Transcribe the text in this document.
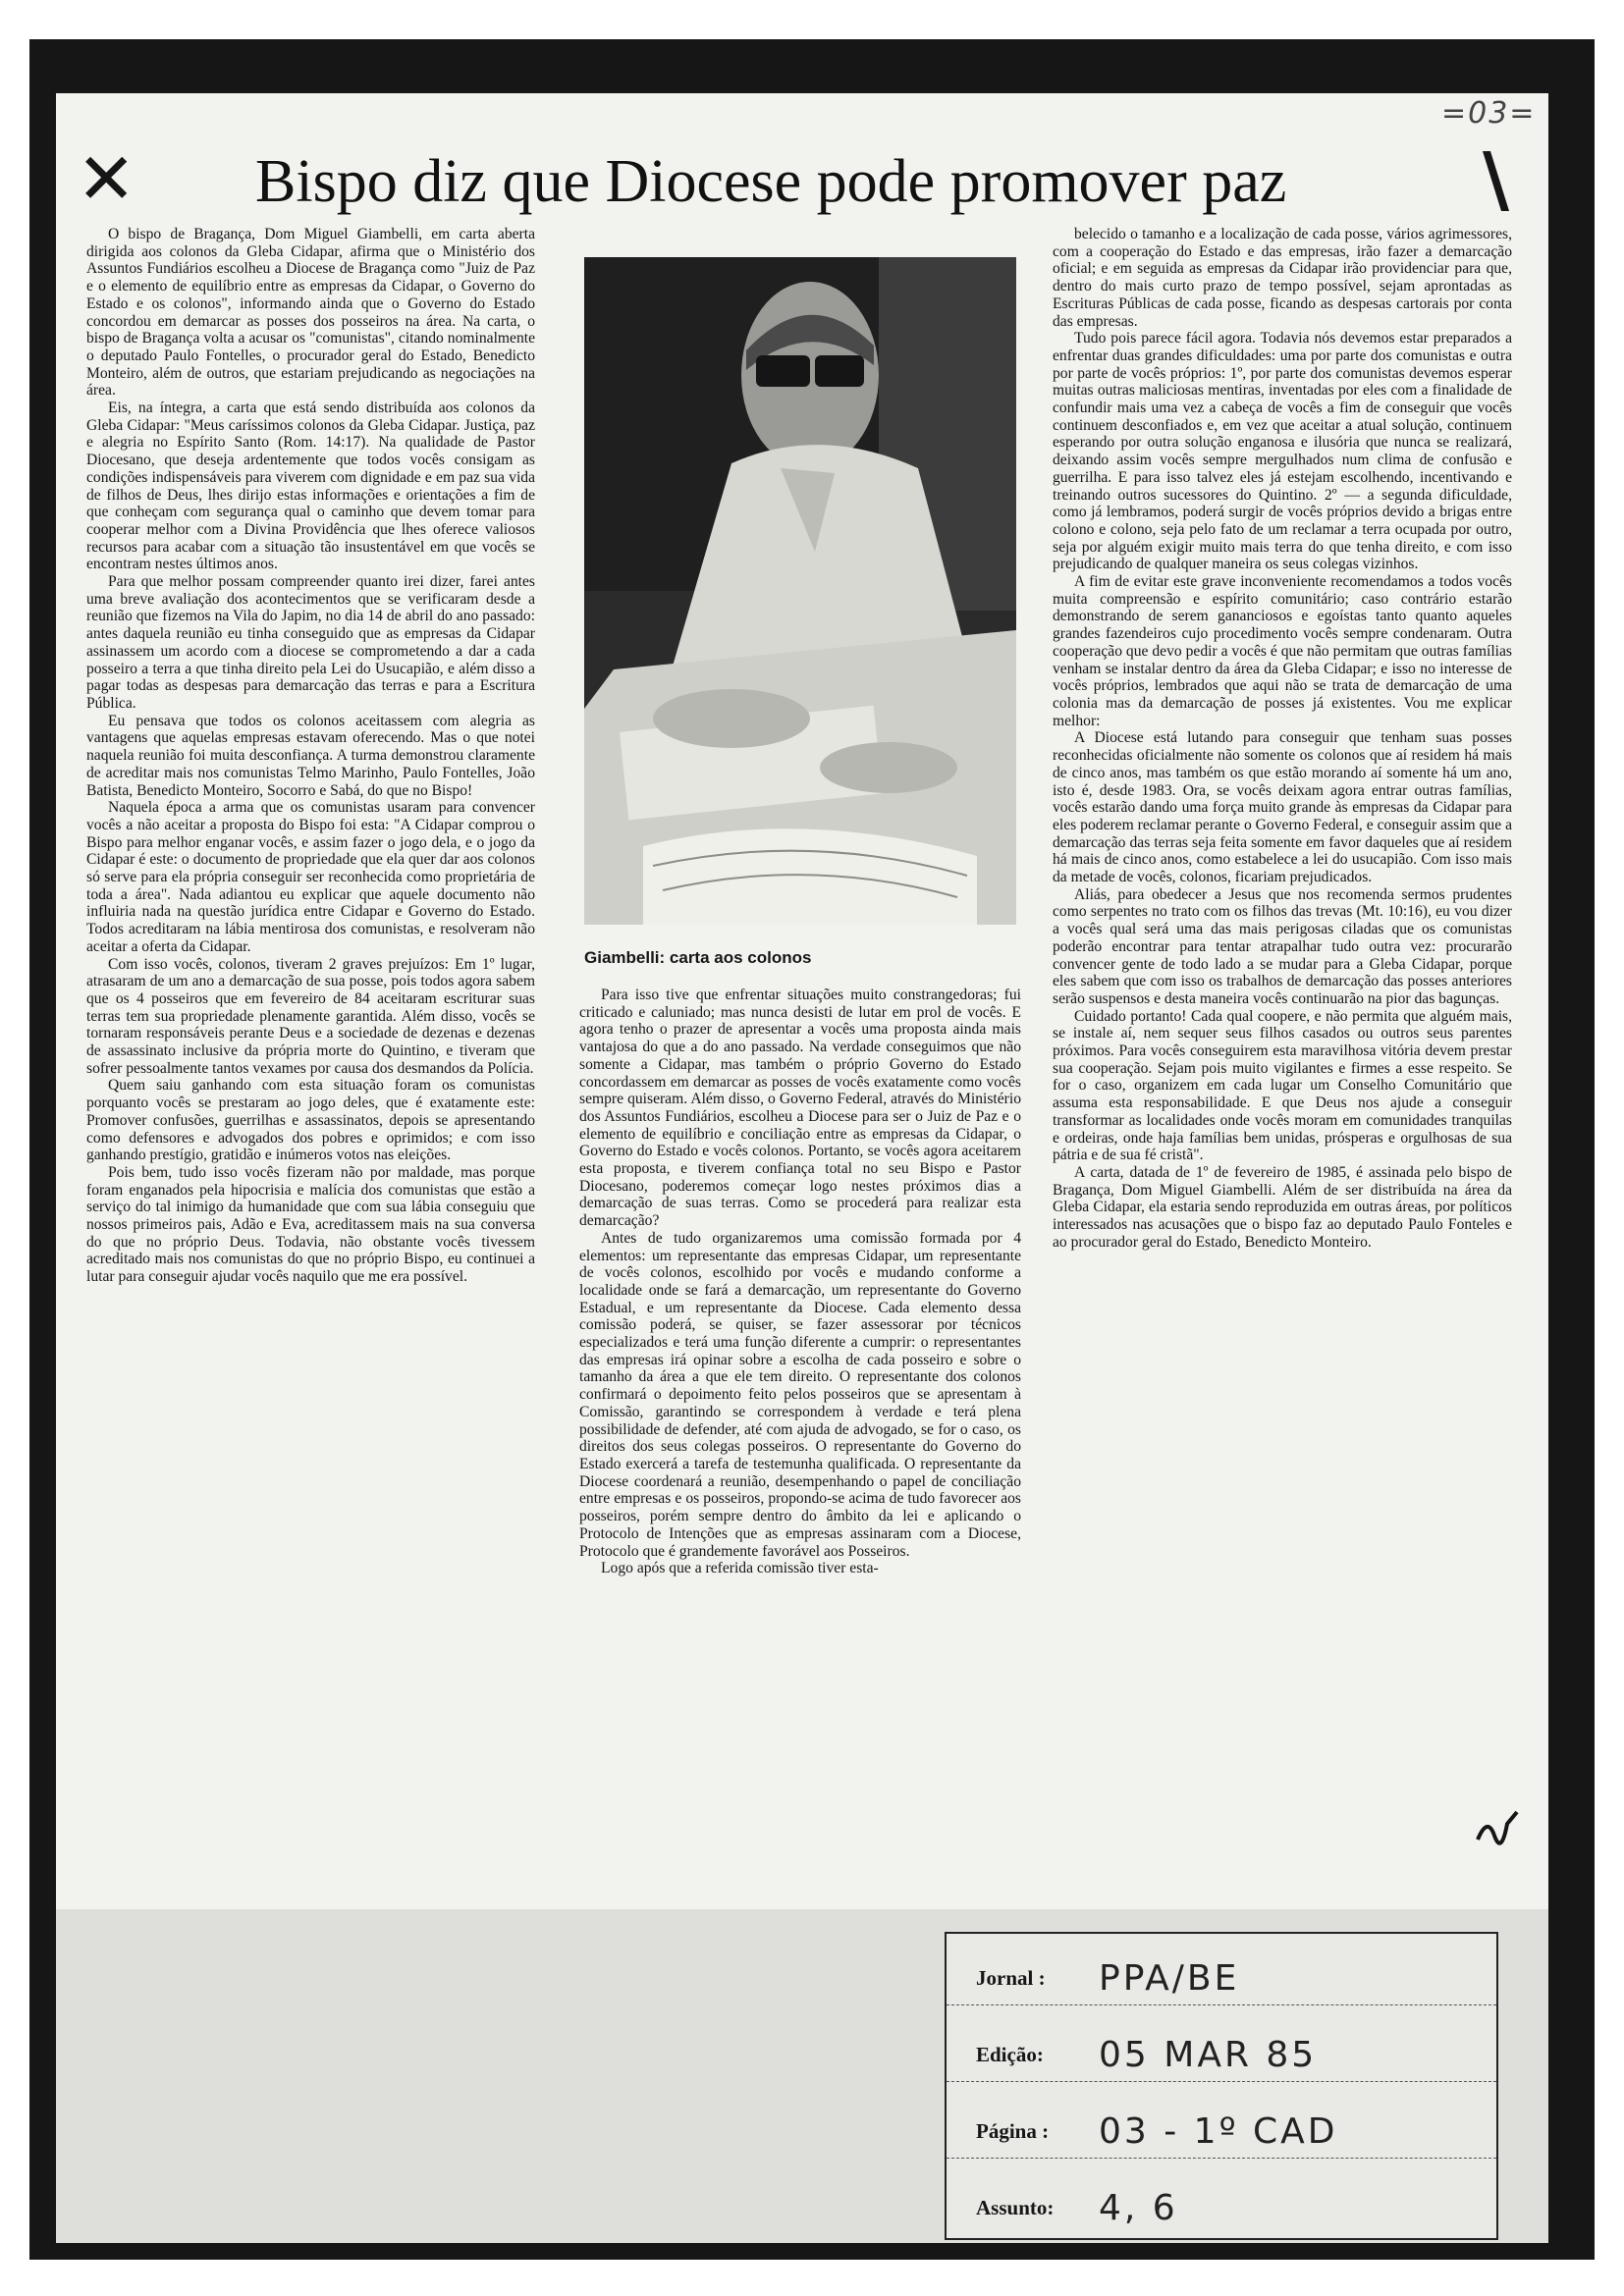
=03=
✕	\
Bispo diz que Diocese pode promover paz

O bispo de Bragança, Dom Miguel Giambelli, em carta aberta dirigida aos colonos da Gleba Cidapar, afirma que o Ministério dos Assuntos Fundiários escolheu a Diocese de Bragança como "Juiz de Paz e o elemento de equilíbrio entre as empresas da Cidapar, o Governo do Estado e os colonos", informando ainda que o Governo do Estado concordou em demarcar as posses dos posseiros na área. Na carta, o bispo de Bragança volta a acusar os "comunistas", citando nominalmente o deputado Paulo Fontelles, o procurador geral do Estado, Benedicto Monteiro, além de outros, que estariam prejudicando as negociações na área.

Eis, na íntegra, a carta que está sendo distribuída aos colonos da Gleba Cidapar: "Meus caríssimos colonos da Gleba Cidapar. Justiça, paz e alegria no Espírito Santo (Rom. 14:17). Na qualidade de Pastor Diocesano, que deseja ardentemente que todos vocês consigam as condições indispensáveis para viverem com dignidade e em paz sua vida de filhos de Deus, lhes dirijo estas informações e orientações a fim de que conheçam com segurança qual o caminho que devem tomar para cooperar melhor com a Divina Providência que lhes oferece valiosos recursos para acabar com a situação tão insustentável em que vocês se encontram nestes últimos anos.

Para que melhor possam compreender quanto irei dizer, farei antes uma breve avaliação dos acontecimentos que se verificaram desde a reunião que fizemos na Vila do Japim, no dia 14 de abril do ano passado: antes daquela reunião eu tinha conseguido que as empresas da Cidapar assinassem um acordo com a diocese se comprometendo a dar a cada posseiro a terra a que tinha direito pela Lei do Usucapião, e além disso a pagar todas as despesas para demarcação das terras e para a Escritura Pública.

Eu pensava que todos os colonos aceitassem com alegria as vantagens que aquelas empresas estavam oferecendo. Mas o que notei naquela reunião foi muita desconfiança. A turma demonstrou claramente de acreditar mais nos comunistas Telmo Marinho, Paulo Fontelles, João Batista, Benedicto Monteiro, Socorro e Sabá, do que no Bispo!

Naquela época a arma que os comunistas usaram para convencer vocês a não aceitar a proposta do Bispo foi esta: "A Cidapar comprou o Bispo para melhor enganar vocês, e assim fazer o jogo dela, e o jogo da Cidapar é este: o documento de propriedade que ela quer dar aos colonos só serve para ela própria conseguir ser reconhecida como proprietária de toda a área". Nada adiantou eu explicar que aquele documento não influiria nada na questão jurídica entre Cidapar e Governo do Estado. Todos acreditaram na lábia mentirosa dos comunistas, e resolveram não aceitar a oferta da Cidapar.

Com isso vocês, colonos, tiveram 2 graves prejuízos: Em 1º lugar, atrasaram de um ano a demarcação de sua posse, pois todos agora sabem que os 4 posseiros que em fevereiro de 84 aceitaram escriturar suas terras tem sua propriedade plenamente garantida. Além disso, vocês se tornaram responsáveis perante Deus e a sociedade de dezenas e dezenas de assassinato inclusive da própria morte do Quintino, e tiveram que sofrer pessoalmente tantos vexames por causa dos desmandos da Polícia.

Quem saiu ganhando com esta situação foram os comunistas porquanto vocês se prestaram ao jogo deles, que é exatamente este: Promover confusões, guerrilhas e assassinatos, depois se apresentando como defensores e advogados dos pobres e oprimidos; e com isso ganhando prestígio, gratidão e inúmeros votos nas eleições.

Pois bem, tudo isso vocês fizeram não por maldade, mas porque foram enganados pela hipocrisia e malícia dos comunistas que estão a serviço do tal inimigo da humanidade que com sua lábia conseguiu que nossos primeiros pais, Adão e Eva, acreditassem mais na sua conversa do que no próprio Deus. Todavia, não obstante vocês tivessem acreditado mais nos comunistas do que no próprio Bispo, eu continuei a lutar para conseguir ajudar vocês naquilo que me era possível.

Giambelli: carta aos colonos

Para isso tive que enfrentar situações muito constrangedoras; fui criticado e caluniado; mas nunca desisti de lutar em prol de vocês. E agora tenho o prazer de apresentar a vocês uma proposta ainda mais vantajosa do que a do ano passado. Na verdade conseguimos que não somente a Cidapar, mas também o próprio Governo do Estado concordassem em demarcar as posses de vocês exatamente como vocês sempre quiseram. Além disso, o Governo Federal, através do Ministério dos Assuntos Fundiários, escolheu a Diocese para ser o Juiz de Paz e o elemento de equilíbrio e conciliação entre as empresas da Cidapar, o Governo do Estado e vocês colonos. Portanto, se vocês agora aceitarem esta proposta, e tiverem confiança total no seu Bispo e Pastor Diocesano, poderemos começar logo nestes próximos dias a demarcação de suas terras. Como se procederá para realizar esta demarcação?

Antes de tudo organizaremos uma comissão formada por 4 elementos: um representante das empresas Cidapar, um representante de vocês colonos, escolhido por vocês e mudando conforme a localidade onde se fará a demarcação, um representante do Governo Estadual, e um representante da Diocese. Cada elemento dessa comissão poderá, se quiser, se fazer assessorar por técnicos especializados e terá uma função diferente a cumprir: o representantes das empresas irá opinar sobre a escolha de cada posseiro e sobre o tamanho da área a que ele tem direito. O representante dos colonos confirmará o depoimento feito pelos posseiros que se apresentam à Comissão, garantindo se correspondem à verdade e terá plena possibilidade de defender, até com ajuda de advogado, se for o caso, os direitos dos seus colegas posseiros. O representante do Governo do Estado exercerá a tarefa de testemunha qualificada. O representante da Diocese coordenará a reunião, desempenhando o papel de conciliação entre empresas e os posseiros, propondo-se acima de tudo favorecer aos posseiros, porém sempre dentro do âmbito da lei e aplicando o Protocolo de Intenções que as empresas assinaram com a Diocese, Protocolo que é grandemente favorável aos Posseiros.

Logo após que a referida comissão tiver esta-

belecido o tamanho e a localização de cada posse, vários agrimessores, com a cooperação do Estado e das empresas, irão fazer a demarcação oficial; e em seguida as empresas da Cidapar irão providenciar para que, dentro do mais curto prazo de tempo possível, sejam aprontadas as Escrituras Públicas de cada posse, ficando as despesas cartorais por conta das empresas.

Tudo pois parece fácil agora. Todavia nós devemos estar preparados a enfrentar duas grandes dificuldades: uma por parte dos comunistas e outra por parte de vocês próprios: 1º, por parte dos comunistas devemos esperar muitas outras maliciosas mentiras, inventadas por eles com a finalidade de confundir mais uma vez a cabeça de vocês a fim de conseguir que vocês continuem desconfiados e, em vez que aceitar a atual solução, continuem esperando por outra solução enganosa e ilusória que nunca se realizará, deixando assim vocês sempre mergulhados num clima de confusão e guerrilha. E para isso talvez eles já estejam escolhendo, incentivando e treinando outros sucessores do Quintino. 2º — a segunda dificuldade, como já lembramos, poderá surgir de vocês próprios devido a brigas entre colono e colono, seja pelo fato de um reclamar a terra ocupada por outro, seja por alguém exigir muito mais terra do que tenha direito, e com isso prejudicando de qualquer maneira os seus colegas vizinhos.

A fim de evitar este grave inconveniente recomendamos a todos vocês muita compreensão e espírito comunitário; caso contrário estarão demonstrando de serem gananciosos e egoístas tanto quanto aqueles grandes fazendeiros cujo procedimento vocês sempre condenaram. Outra cooperação que devo pedir a vocês é que não permitam que outras famílias venham se instalar dentro da área da Gleba Cidapar; e isso no interesse de vocês próprios, lembrados que aqui não se trata de demarcação de uma colonia mas da demarcação de posses já existentes. Vou me explicar melhor:

A Diocese está lutando para conseguir que tenham suas posses reconhecidas oficialmente não somente os colonos que aí residem há mais de cinco anos, mas também os que estão morando aí somente há um ano, isto é, desde 1983. Ora, se vocês deixam agora entrar outras famílias, vocês estarão dando uma força muito grande às empresas da Cidapar para eles poderem reclamar perante o Governo Federal, e conseguir assim que a demarcação das terras seja feita somente em favor daqueles que aí residem há mais de cinco anos, como estabelece a lei do usucapião. Com isso mais da metade de vocês, colonos, ficariam prejudicados.

Aliás, para obedecer a Jesus que nos recomenda sermos prudentes como serpentes no trato com os filhos das trevas (Mt. 10:16), eu vou dizer a vocês qual será uma das mais perigosas ciladas que os comunistas poderão encontrar para tentar atrapalhar tudo outra vez: procurarão convencer gente de todo lado a se mudar para a Gleba Cidapar, porque eles sabem que com isso os trabalhos de demarcação das posses anteriores serão suspensos e desta maneira vocês continuarão na pior das bagunças.

Cuidado portanto! Cada qual coopere, e não permita que alguém mais, se instale aí, nem sequer seus filhos casados ou outros seus parentes próximos. Para vocês conseguirem esta maravilhosa vitória devem prestar sua cooperação. Sejam pois muito vigilantes e firmes a esse respeito. Se for o caso, organizem em cada lugar um Conselho Comunitário que assuma esta responsabilidade. E que Deus nos ajude a conseguir transformar as localidades onde vocês moram em comunidades tranquilas e ordeiras, onde haja famílias bem unidas, prósperas e orgulhosas de sua pátria e de sua fé cristã".

A carta, datada de 1º de fevereiro de 1985, é assinada pelo bispo de Bragança, Dom Miguel Giambelli. Além de ser distribuída na área da Gleba Cidapar, ela estaria sendo reproduzida em outras áreas, por políticos interessados nas acusações que o bispo faz ao deputado Paulo Fonteles e ao procurador geral do Estado, Benedicto Monteiro.

Jornal : PPA/BE
Edição: 05 MAR 85
Página : 03 - 1º CAD
Assunto: 4, 6
